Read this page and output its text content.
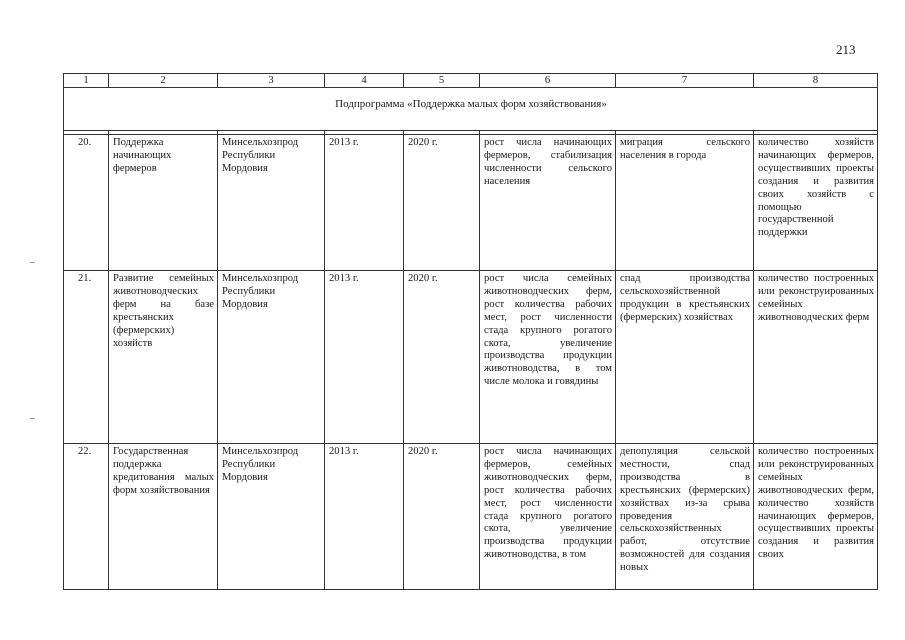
213
1	2	3	4	5	6	7	8
Подпрограмма «Поддержка малых форм хозяйствования»							

20.	Поддержка начинающих фермеров	Минсельхозпрод Республики Мордовия	2013 г.	2020 г.	рост числа начинающих фермеров, стабилизация численности сельского населения	миграция сельского населения в города	количество хозяйств начинающих фермеров, осуществивших проекты создания и развития своих хозяйств с помощью государственной поддержки
21.	Развитие семейных животноводческих ферм на базе крестьянских (фермерских) хозяйств	Минсельхозпрод Республики Мордовия	2013 г.	2020 г.	рост числа семейных животноводческих ферм, рост количества рабочих мест, рост численности стада крупного рогатого скота, увеличение производства продукции животноводства, в том числе молока и говядины	спад производства сельскохозяйственной продукции в крестьянских (фермерских) хозяйствах	количество построенных или реконструированных семейных животноводческих ферм
22.	Государственная поддержка кредитования малых форм хозяйствования	Минсельхозпрод Республики Мордовия	2013 г.	2020 г.	рост числа начинающих фермеров, семейных животноводческих ферм, рост количества рабочих мест, рост численности стада крупного рогатого скота, увеличение производства продукции животноводства, в том	депопуляция сельской местности, спад производства в крестьянских (фермерских) хозяйствах из-за срыва проведения сельскохозяйственных работ, отсутствие возможностей для создания новых	количество построенных или реконструированных семейных животноводческих ферм, количество хозяйств начинающих фермеров, осуществивших проекты создания и развития своих
